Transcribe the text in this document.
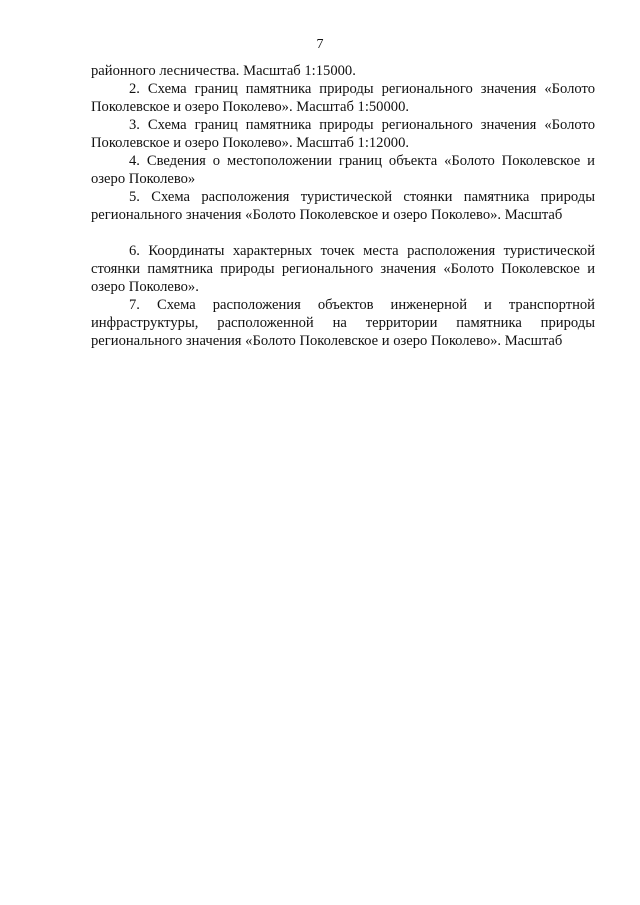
7

районного лесничества. Масштаб 1:15000.

2. Схема границ памятника природы регионального значения «Болото Поколевское и озеро Поколево». Масштаб 1:50000.

3. Схема границ памятника природы регионального значения «Болото Поколевское и озеро Поколево». Масштаб 1:12000.

4. Сведения о местоположении границ объекта «Болото Поколевское и озеро Поколево»

5. Схема расположения туристической стоянки памятника природы регионального значения «Болото Поколевское и озеро Поколево». Масштаб

6. Координаты характерных точек места расположения туристической стоянки памятника природы регионального значения «Болото Поколевское и озеро Поколево».

7. Схема расположения объектов инженерной и транспортной инфраструктуры, расположенной на территории памятника природы регионального значения «Болото Поколевское и озеро Поколево». Масштаб
